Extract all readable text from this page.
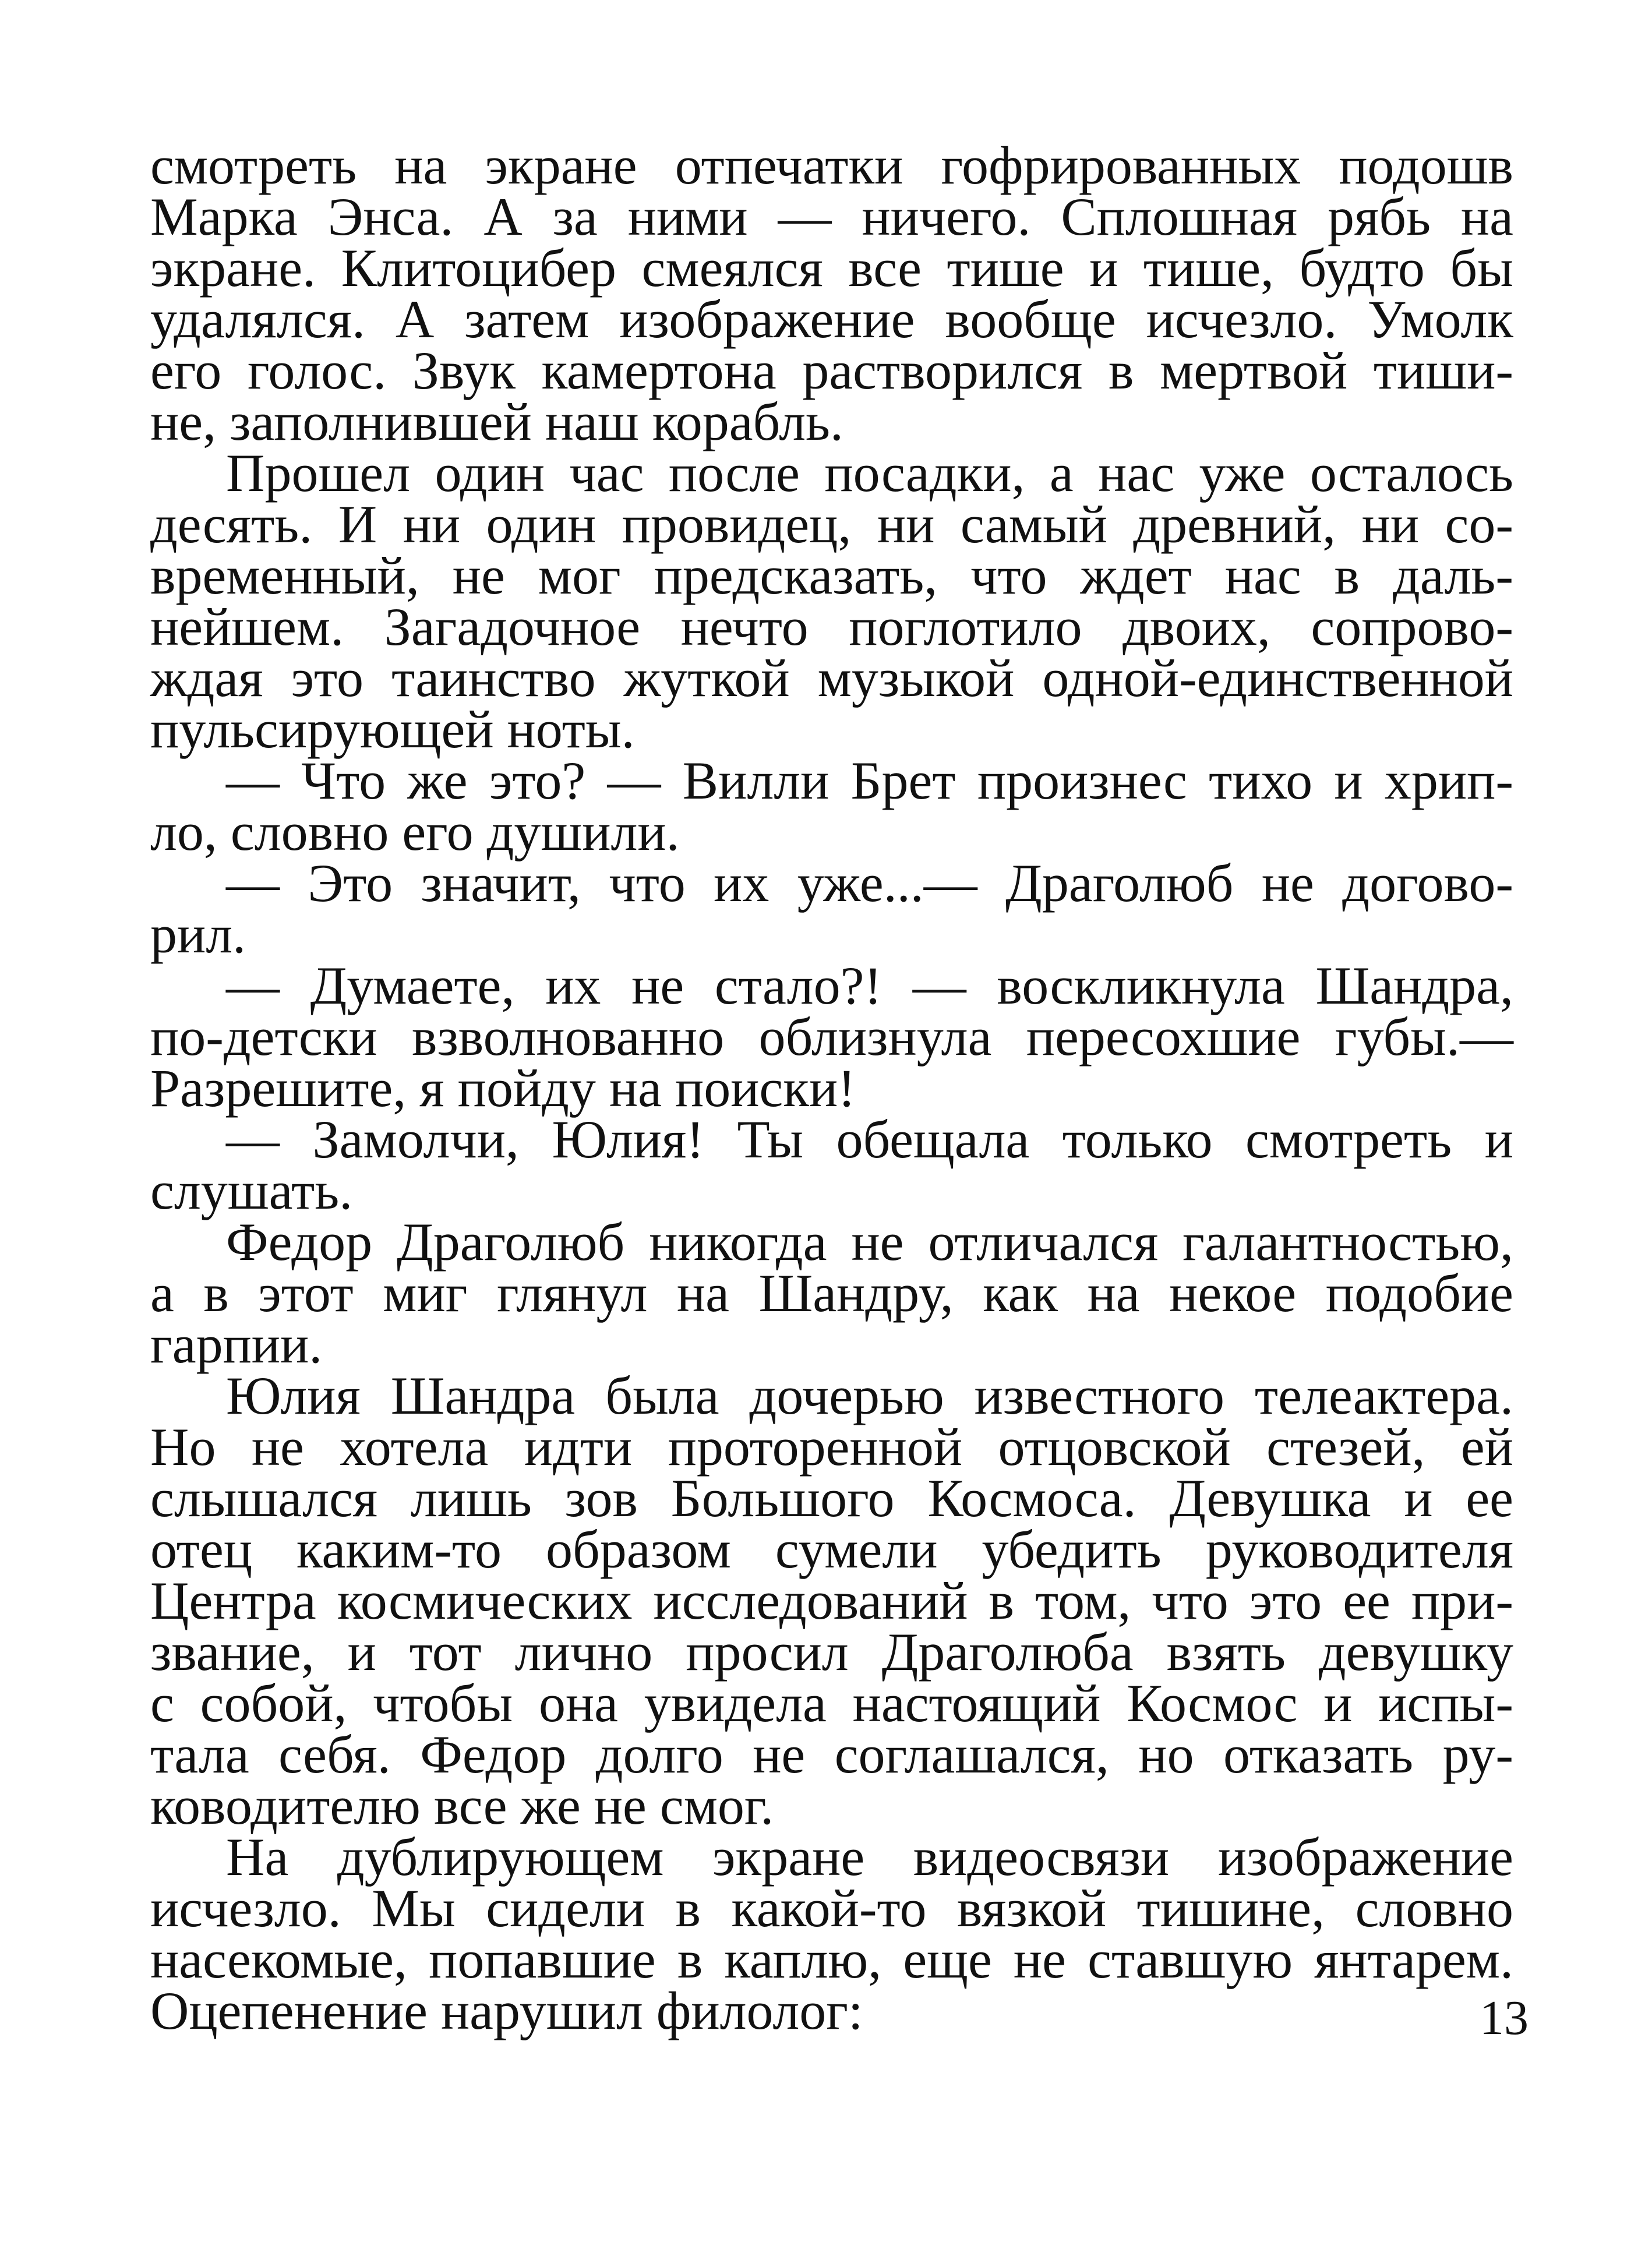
смотреть на экране отпечатки гофрированных подошв
Марка Энса. А за ними — ничего. Сплошная рябь на
экране. Клитоцибер смеялся все тише и тише, будто бы
удалялся. А затем изображение вообще исчезло. Умолк
его голос. Звук камертона растворился в мертвой тиши-
не, заполнившей наш корабль.
Прошел один час после посадки, а нас уже осталось
десять. И ни один провидец, ни самый древний, ни со-
временный, не мог предсказать, что ждет нас в даль-
нейшем. Загадочное нечто поглотило двоих, сопрово-
ждая это таинство жуткой музыкой одной-единственной
пульсирующей ноты.
— Что же это? — Вилли Брет произнес тихо и хрип-
ло, словно его душили.
— Это значит, что их уже...— Драголюб не догово-
рил.
— Думаете, их не стало?! — воскликнула Шандра,
по-детски взволнованно облизнула пересохшие губы.—
Разрешите, я пойду на поиски!
— Замолчи, Юлия! Ты обещала только смотреть и
слушать.
Федор Драголюб никогда не отличался галантностью,
а в этот миг глянул на Шандру, как на некое подобие
гарпии.
Юлия Шандра была дочерью известного телеактера.
Но не хотела идти проторенной отцовской стезей, ей
слышался лишь зов Большого Космоса. Девушка и ее
отец каким-то образом сумели убедить руководителя
Центра космических исследований в том, что это ее при-
звание, и тот лично просил Драголюба взять девушку
с собой, чтобы она увидела настоящий Космос и испы-
тала себя. Федор долго не соглашался, но отказать ру-
ководителю все же не смог.
На дублирующем экране видеосвязи изображение
исчезло. Мы сидели в какой-то вязкой тишине, словно
насекомые, попавшие в каплю, еще не ставшую янтарем.
Оцепенение нарушил филолог:	13
